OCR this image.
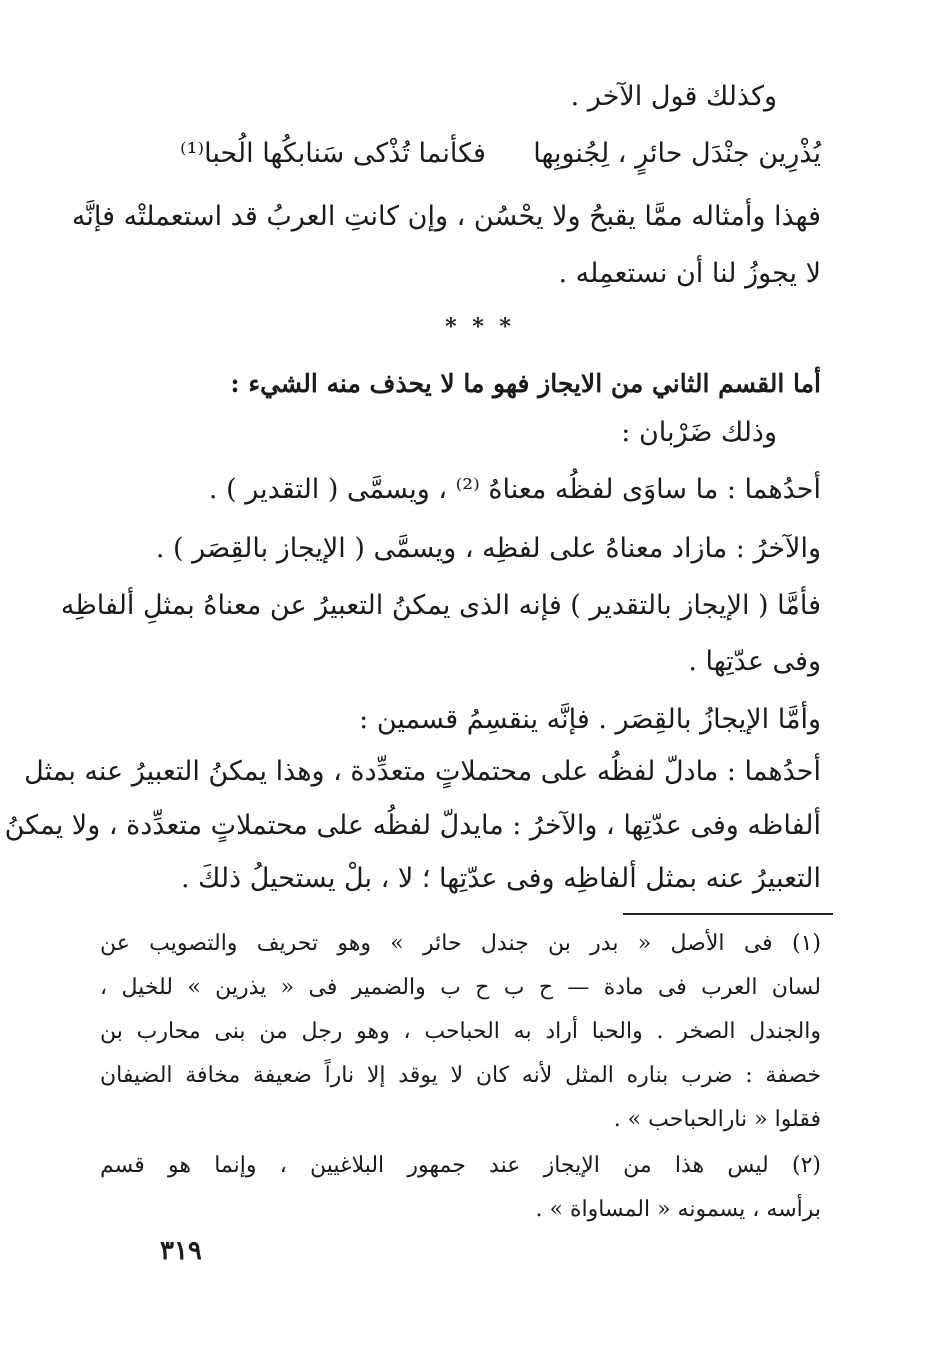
وكذلك قول الآخر .
يُذْرِين جنْدَل حائرٍ ، لِجُنوبِها
فكأنما تُذْكى سَنابكُها الُحبا⁽¹⁾
فهذا وأمثاله ممَّا يقبحُ ولا يحْسُن ، وإن كانتِ العربُ قد استعملتْه فإنَّه
لا يجوزُ لنا أن نستعمِله .
* * *
أما القسم الثاني من الايجاز فهو ما لا يحذف منه الشيء :
وذلك ضَرْبان :
أحدُهما : ما ساوَى لفظُه معناهُ ⁽²⁾ ، ويسمَّى ( التقدير ) .
والآخرُ : مازاد معناهُ على لفظِه ، ويسمَّى ( الإيجاز بالقِصَر ) .
فأمَّا ( الإيجاز بالتقدير ) فإنه الذى يمكنُ التعبيرُ عن معناهُ بمثلِ ألفاظِه
وفى عدّتِها .
وأمَّا الإيجازُ بالقِصَر . فإنَّه ينقسِمُ قسمين :
أحدُهما : مادلّ لفظُه على محتملاتٍ متعدِّدة ، وهذا يمكنُ التعبيرُ عنه بمثل
ألفاظه وفى عدّتِها ، والآخرُ : مايدلّ لفظُه على محتملاتٍ متعدِّدة ، ولا يمكنُ
التعبيرُ عنه بمثل ألفاظِه وفى عدّتِها ؛ لا ، بلْ يستحيلُ ذلكَ .
(١) فى الأصل « بدر بن جندل حائر » وهو تحريف والتصويب عن
لسان العرب فى مادة — ح ب ح ب والضمير فى « يذرين » للخيل ،
والجندل الصخر . والحبا أراد به الحباحب ، وهو رجل من بنى محارب بن
خصفة : ضرب بناره المثل لأنه كان لا يوقد إلا ناراً ضعيفة مخافة الضيفان
فقلوا « نارالحباحب » .
(٢) ليس هذا من الإيجاز عند جمهور البلاغيين ، وإنما هو قسم
برأسه ، يسمونه « المساواة » .
٣١٩
